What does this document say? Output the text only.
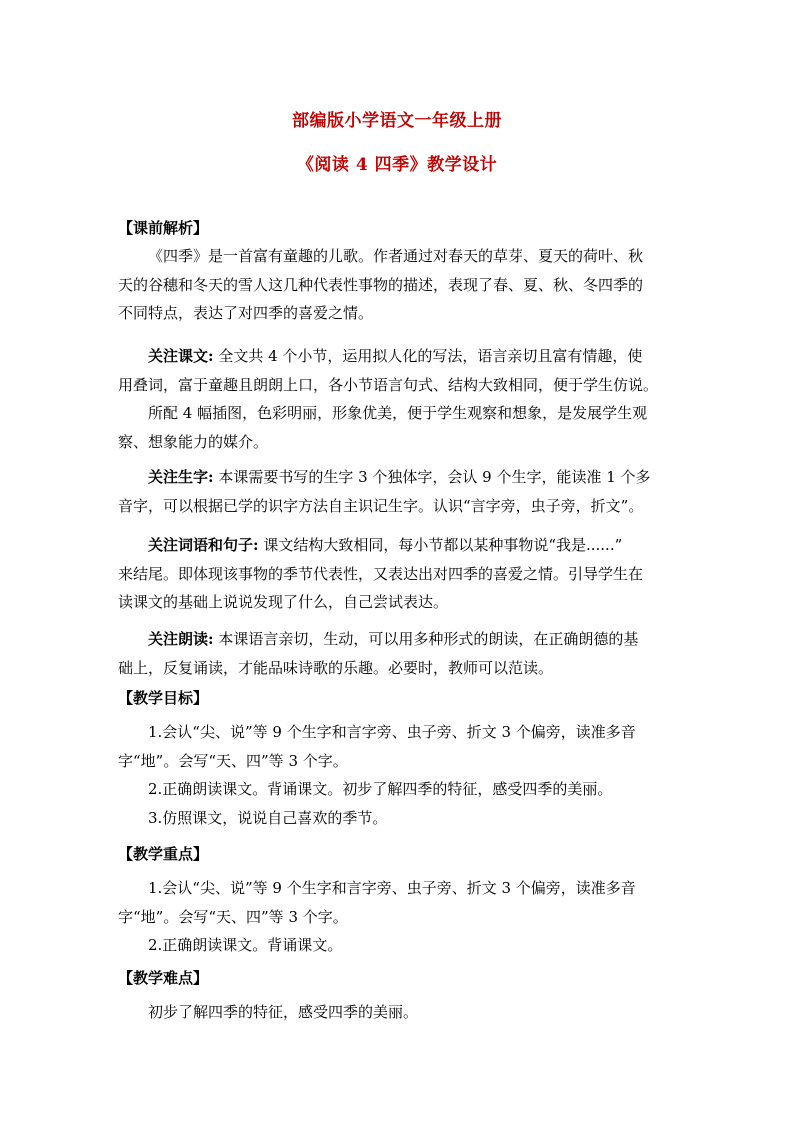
部编版小学语文一年级上册
《阅读 4 四季》教学设计
【课前解析】
《四季》是一首富有童趣的儿歌。作者通过对春天的草芽、夏天的荷叶、秋
天的谷穗和冬天的雪人这几种代表性事物的描述，表现了春、夏、秋、冬四季的
不同特点，表达了对四季的喜爱之情。
关注课文: 全文共 4 个小节，运用拟人化的写法，语言亲切且富有情趣，使
用叠词，富于童趣且朗朗上口，各小节语言句式、结构大致相同，便于学生仿说。
所配 4 幅插图，色彩明丽，形象优美，便于学生观察和想象，是发展学生观
察、想象能力的媒介。
关注生字: 本课需要书写的生字 3 个独体字，会认 9 个生字，能读准 1 个多
音字，可以根据已学的识字方法自主识记生字。认识“言字旁，虫子旁，折文”。
关注词语和句子: 课文结构大致相同，每小节都以某种事物说“我是......”
来结尾。即体现该事物的季节代表性，又表达出对四季的喜爱之情。引导学生在
读课文的基础上说说发现了什么，自己尝试表达。
关注朗读: 本课语言亲切，生动，可以用多种形式的朗读，在正确朗德的基
础上，反复诵读，才能品味诗歌的乐趣。必要时，教师可以范读。
【教学目标】
1.会认“尖、说”等 9 个生字和言字旁、虫子旁、折文 3 个偏旁，读准多音
字“地”。会写“天、四”等 3 个字。
2.正确朗读课文。背诵课文。初步了解四季的特征，感受四季的美丽。
3.仿照课文，说说自己喜欢的季节。
【教学重点】
1.会认“尖、说”等 9 个生字和言字旁、虫子旁、折文 3 个偏旁，读准多音
字“地”。会写“天、四”等 3 个字。
2.正确朗读课文。背诵课文。
【教学难点】
初步了解四季的特征，感受四季的美丽。
